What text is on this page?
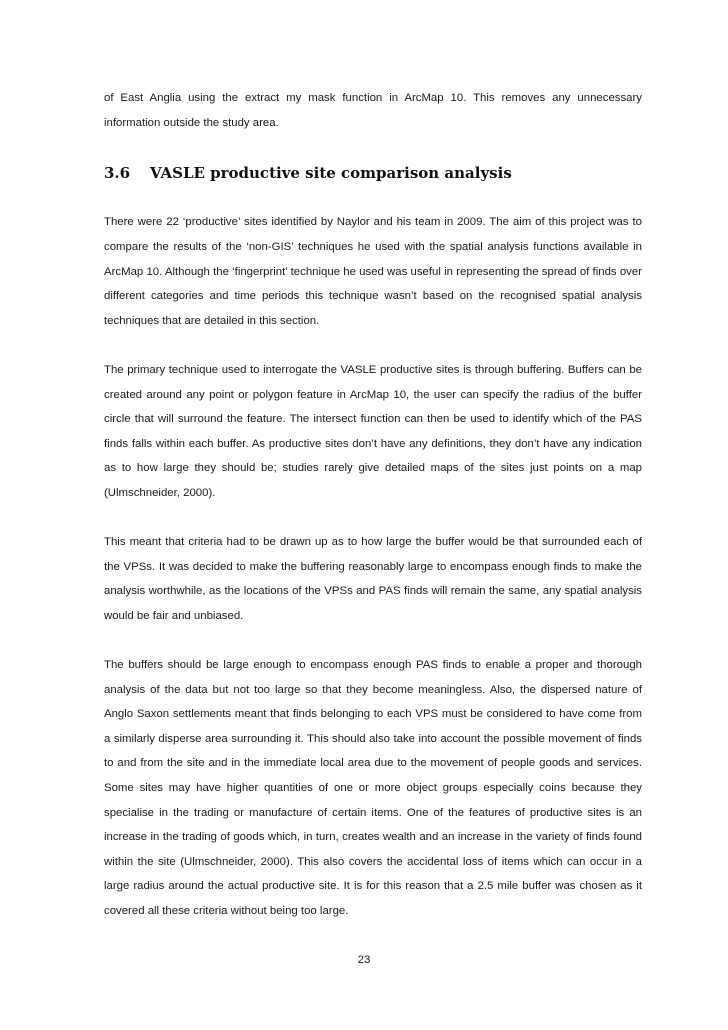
of East Anglia using the extract my mask function in ArcMap 10. This removes any unnecessary information outside the study area.

3.6	VASLE productive site comparison analysis

There were 22 ‘productive’ sites identified by Naylor and his team in 2009. The aim of this project was to compare the results of the ‘non-GIS’ techniques he used with the spatial analysis functions available in ArcMap 10. Although the ‘fingerprint’ technique he used was useful in representing the spread of finds over different categories and time periods this technique wasn’t based on the recognised spatial analysis techniques that are detailed in this section.

The primary technique used to interrogate the VASLE productive sites is through buffering. Buffers can be created around any point or polygon feature in ArcMap 10, the user can specify the radius of the buffer circle that will surround the feature. The intersect function can then be used to identify which of the PAS finds falls within each buffer. As productive sites don’t have any definitions, they don’t have any indication as to how large they should be; studies rarely give detailed maps of the sites just points on a map (Ulmschneider, 2000).

This meant that criteria had to be drawn up as to how large the buffer would be that surrounded each of the VPSs. It was decided to make the buffering reasonably large to encompass enough finds to make the analysis worthwhile, as the locations of the VPSs and PAS finds will remain the same, any spatial analysis would be fair and unbiased.

The buffers should be large enough to encompass enough PAS finds to enable a proper and thorough analysis of the data but not too large so that they become meaningless. Also, the dispersed nature of Anglo Saxon settlements meant that finds belonging to each VPS must be considered to have come from a similarly disperse area surrounding it. This should also take into account the possible movement of finds to and from the site and in the immediate local area due to the movement of people goods and services. Some sites may have higher quantities of one or more object groups especially coins because they specialise in the trading or manufacture of certain items. One of the features of productive sites is an increase in the trading of goods which, in turn, creates wealth and an increase in the variety of finds found within the site (Ulmschneider, 2000). This also covers the accidental loss of items which can occur in a large radius around the actual productive site. It is for this reason that a 2.5 mile buffer was chosen as it covered all these criteria without being too large.

23
